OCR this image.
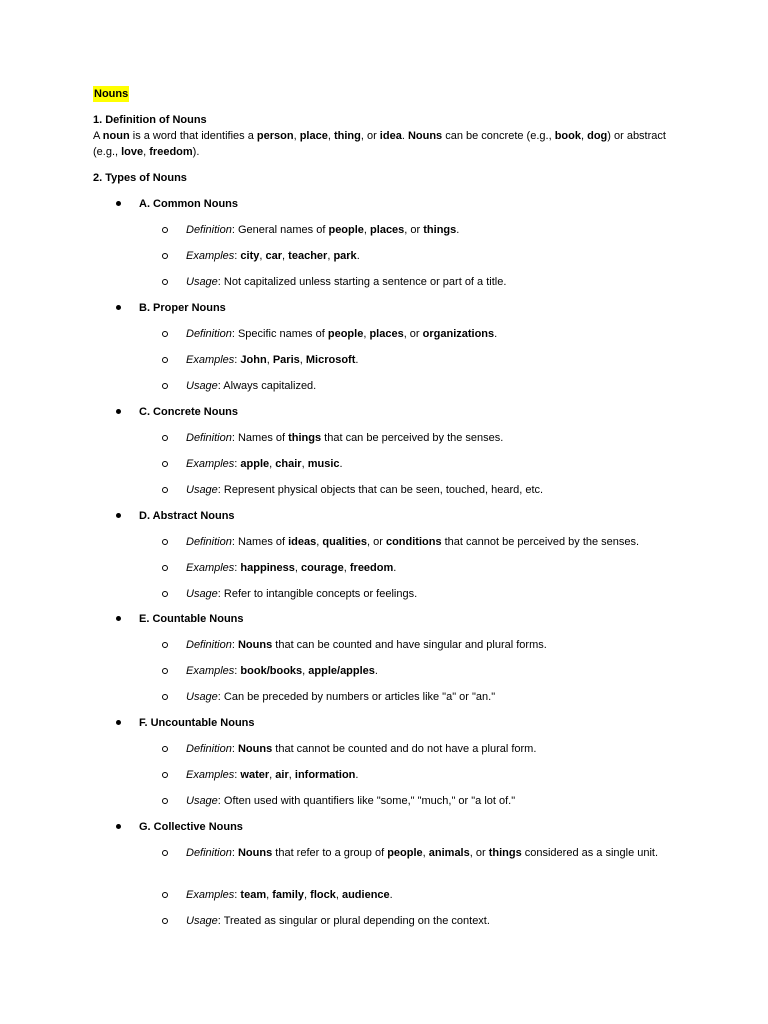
Nouns
1. Definition of Nouns
A noun is a word that identifies a person, place, thing, or idea. Nouns can be concrete (e.g., book, dog) or abstract (e.g., love, freedom).
2. Types of Nouns
A. Common Nouns
Definition: General names of people, places, or things.
Examples: city, car, teacher, park.
Usage: Not capitalized unless starting a sentence or part of a title.
B. Proper Nouns
Definition: Specific names of people, places, or organizations.
Examples: John, Paris, Microsoft.
Usage: Always capitalized.
C. Concrete Nouns
Definition: Names of things that can be perceived by the senses.
Examples: apple, chair, music.
Usage: Represent physical objects that can be seen, touched, heard, etc.
D. Abstract Nouns
Definition: Names of ideas, qualities, or conditions that cannot be perceived by the senses.
Examples: happiness, courage, freedom.
Usage: Refer to intangible concepts or feelings.
E. Countable Nouns
Definition: Nouns that can be counted and have singular and plural forms.
Examples: book/books, apple/apples.
Usage: Can be preceded by numbers or articles like "a" or "an."
F. Uncountable Nouns
Definition: Nouns that cannot be counted and do not have a plural form.
Examples: water, air, information.
Usage: Often used with quantifiers like "some," "much," or "a lot of."
G. Collective Nouns
Definition: Nouns that refer to a group of people, animals, or things considered as a single unit.
Examples: team, family, flock, audience.
Usage: Treated as singular or plural depending on the context.
